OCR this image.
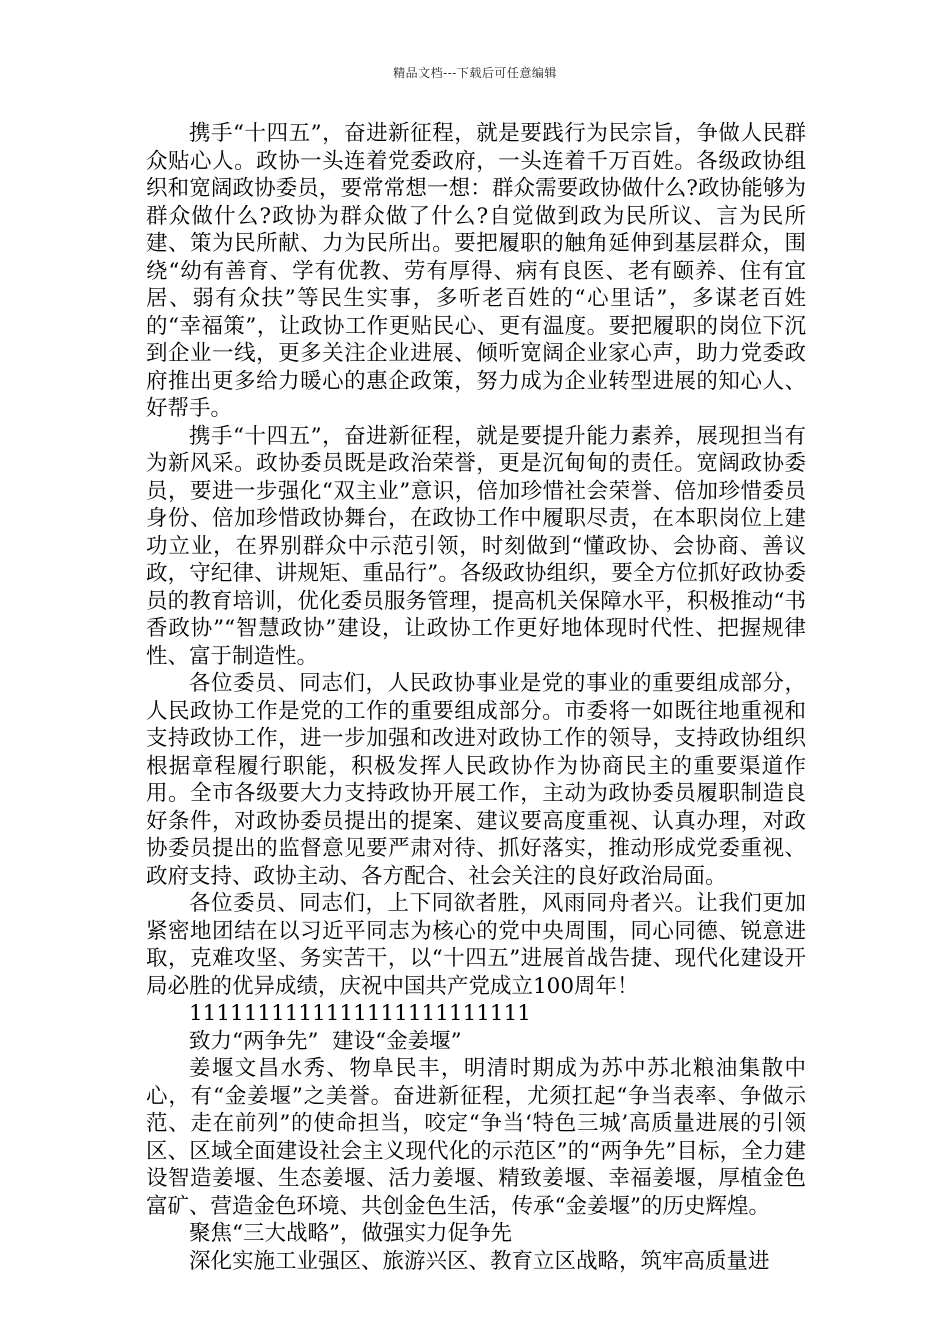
精品文档---下载后可任意编辑

携手“十四五”，奋进新征程，就是要践行为民宗旨，争做人民群众贴心人。政协一头连着党委政府，一头连着千万百姓。各级政协组织和宽阔政协委员，要常常想一想：群众需要政协做什么?政协能够为群众做什么?政协为群众做了什么?自觉做到政为民所议、言为民所建、策为民所献、力为民所出。要把履职的触角延伸到基层群众，围绕“幼有善育、学有优教、劳有厚得、病有良医、老有颐养、住有宜居、弱有众扶”等民生实事，多听老百姓的“心里话”，多谋老百姓的“幸福策”，让政协工作更贴民心、更有温度。要把履职的岗位下沉到企业一线，更多关注企业进展、倾听宽阔企业家心声，助力党委政府推出更多给力暖心的惠企政策，努力成为企业转型进展的知心人、好帮手。

携手“十四五”，奋进新征程，就是要提升能力素养，展现担当有为新风采。政协委员既是政治荣誉，更是沉甸甸的责任。宽阔政协委员，要进一步强化“双主业”意识，倍加珍惜社会荣誉、倍加珍惜委员身份、倍加珍惜政协舞台，在政协工作中履职尽责，在本职岗位上建功立业，在界别群众中示范引领，时刻做到“懂政协、会协商、善议政，守纪律、讲规矩、重品行”。各级政协组织，要全方位抓好政协委员的教育培训，优化委员服务管理，提高机关保障水平，积极推动“书香政协”“智慧政协”建设，让政协工作更好地体现时代性、把握规律性、富于制造性。

各位委员、同志们，人民政协事业是党的事业的重要组成部分，人民政协工作是党的工作的重要组成部分。市委将一如既往地重视和支持政协工作，进一步加强和改进对政协工作的领导，支持政协组织根据章程履行职能，积极发挥人民政协作为协商民主的重要渠道作用。全市各级要大力支持政协开展工作，主动为政协委员履职制造良好条件，对政协委员提出的提案、建议要高度重视、认真办理，对政协委员提出的监督意见要严肃对待、抓好落实，推动形成党委重视、政府支持、政协主动、各方配合、社会关注的良好政治局面。

各位委员、同志们，上下同欲者胜，风雨同舟者兴。让我们更加紧密地团结在以习近平同志为核心的党中央周围，同心同德、锐意进取，克难攻坚、务实苦干，以“十四五”进展首战告捷、现代化建设开局必胜的优异成绩，庆祝中国共产党成立100周年！

1111111111111111111111111

致力“两争先”  建设“金姜堰”

姜堰文昌水秀、物阜民丰，明清时期成为苏中苏北粮油集散中心，有“金姜堰”之美誉。奋进新征程，尤须扛起“争当表率、争做示范、走在前列”的使命担当，咬定“争当‘特色三城’高质量进展的引领区、区域全面建设社会主义现代化的示范区”的“两争先”目标，全力建设智造姜堰、生态姜堰、活力姜堰、精致姜堰、幸福姜堰，厚植金色富矿、营造金色环境、共创金色生活，传承“金姜堰”的历史辉煌。

聚焦“三大战略”，做强实力促争先

深化实施工业强区、旅游兴区、教育立区战略，筑牢高质量进
